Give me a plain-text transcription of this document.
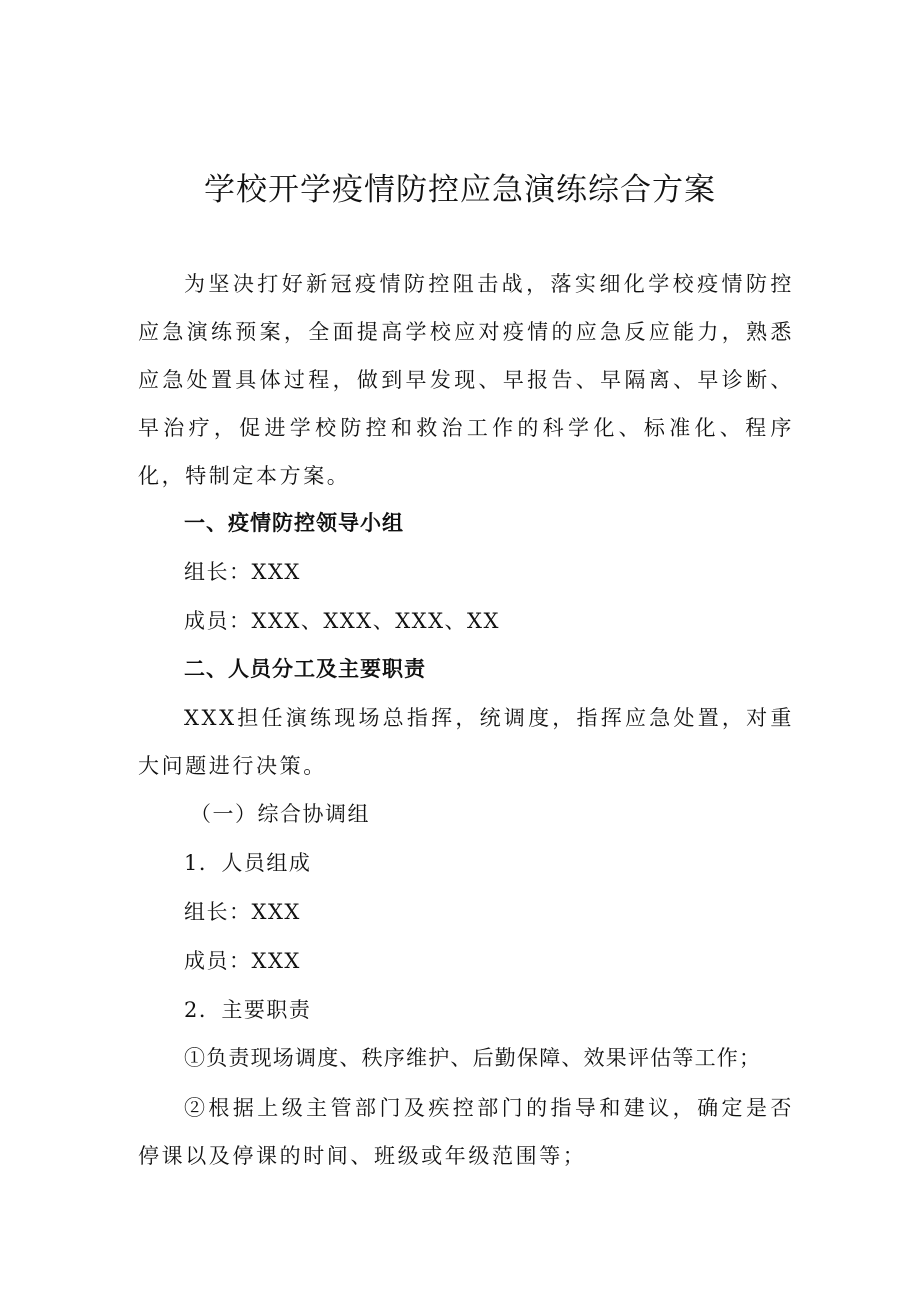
学校开学疫情防控应急演练综合方案

为坚决打好新冠疫情防控阻击战，落实细化学校疫情防控应急演练预案，全面提高学校应对疫情的应急反应能力，熟悉应急处置具体过程，做到早发现、早报告、早隔离、早诊断、早治疗，促进学校防控和救治工作的科学化、标准化、程序化，特制定本方案。

一、疫情防控领导小组

组长：XXX

成员：XXX、XXX、XXX、XX

二、人员分工及主要职责

XXX担任演练现场总指挥，统调度，指挥应急处置，对重大问题进行决策。

（一）综合协调组

1．人员组成

组长：XXX

成员：XXX

2．主要职责

①负责现场调度、秩序维护、后勤保障、效果评估等工作；

②根据上级主管部门及疾控部门的指导和建议，确定是否停课以及停课的时间、班级或年级范围等；
